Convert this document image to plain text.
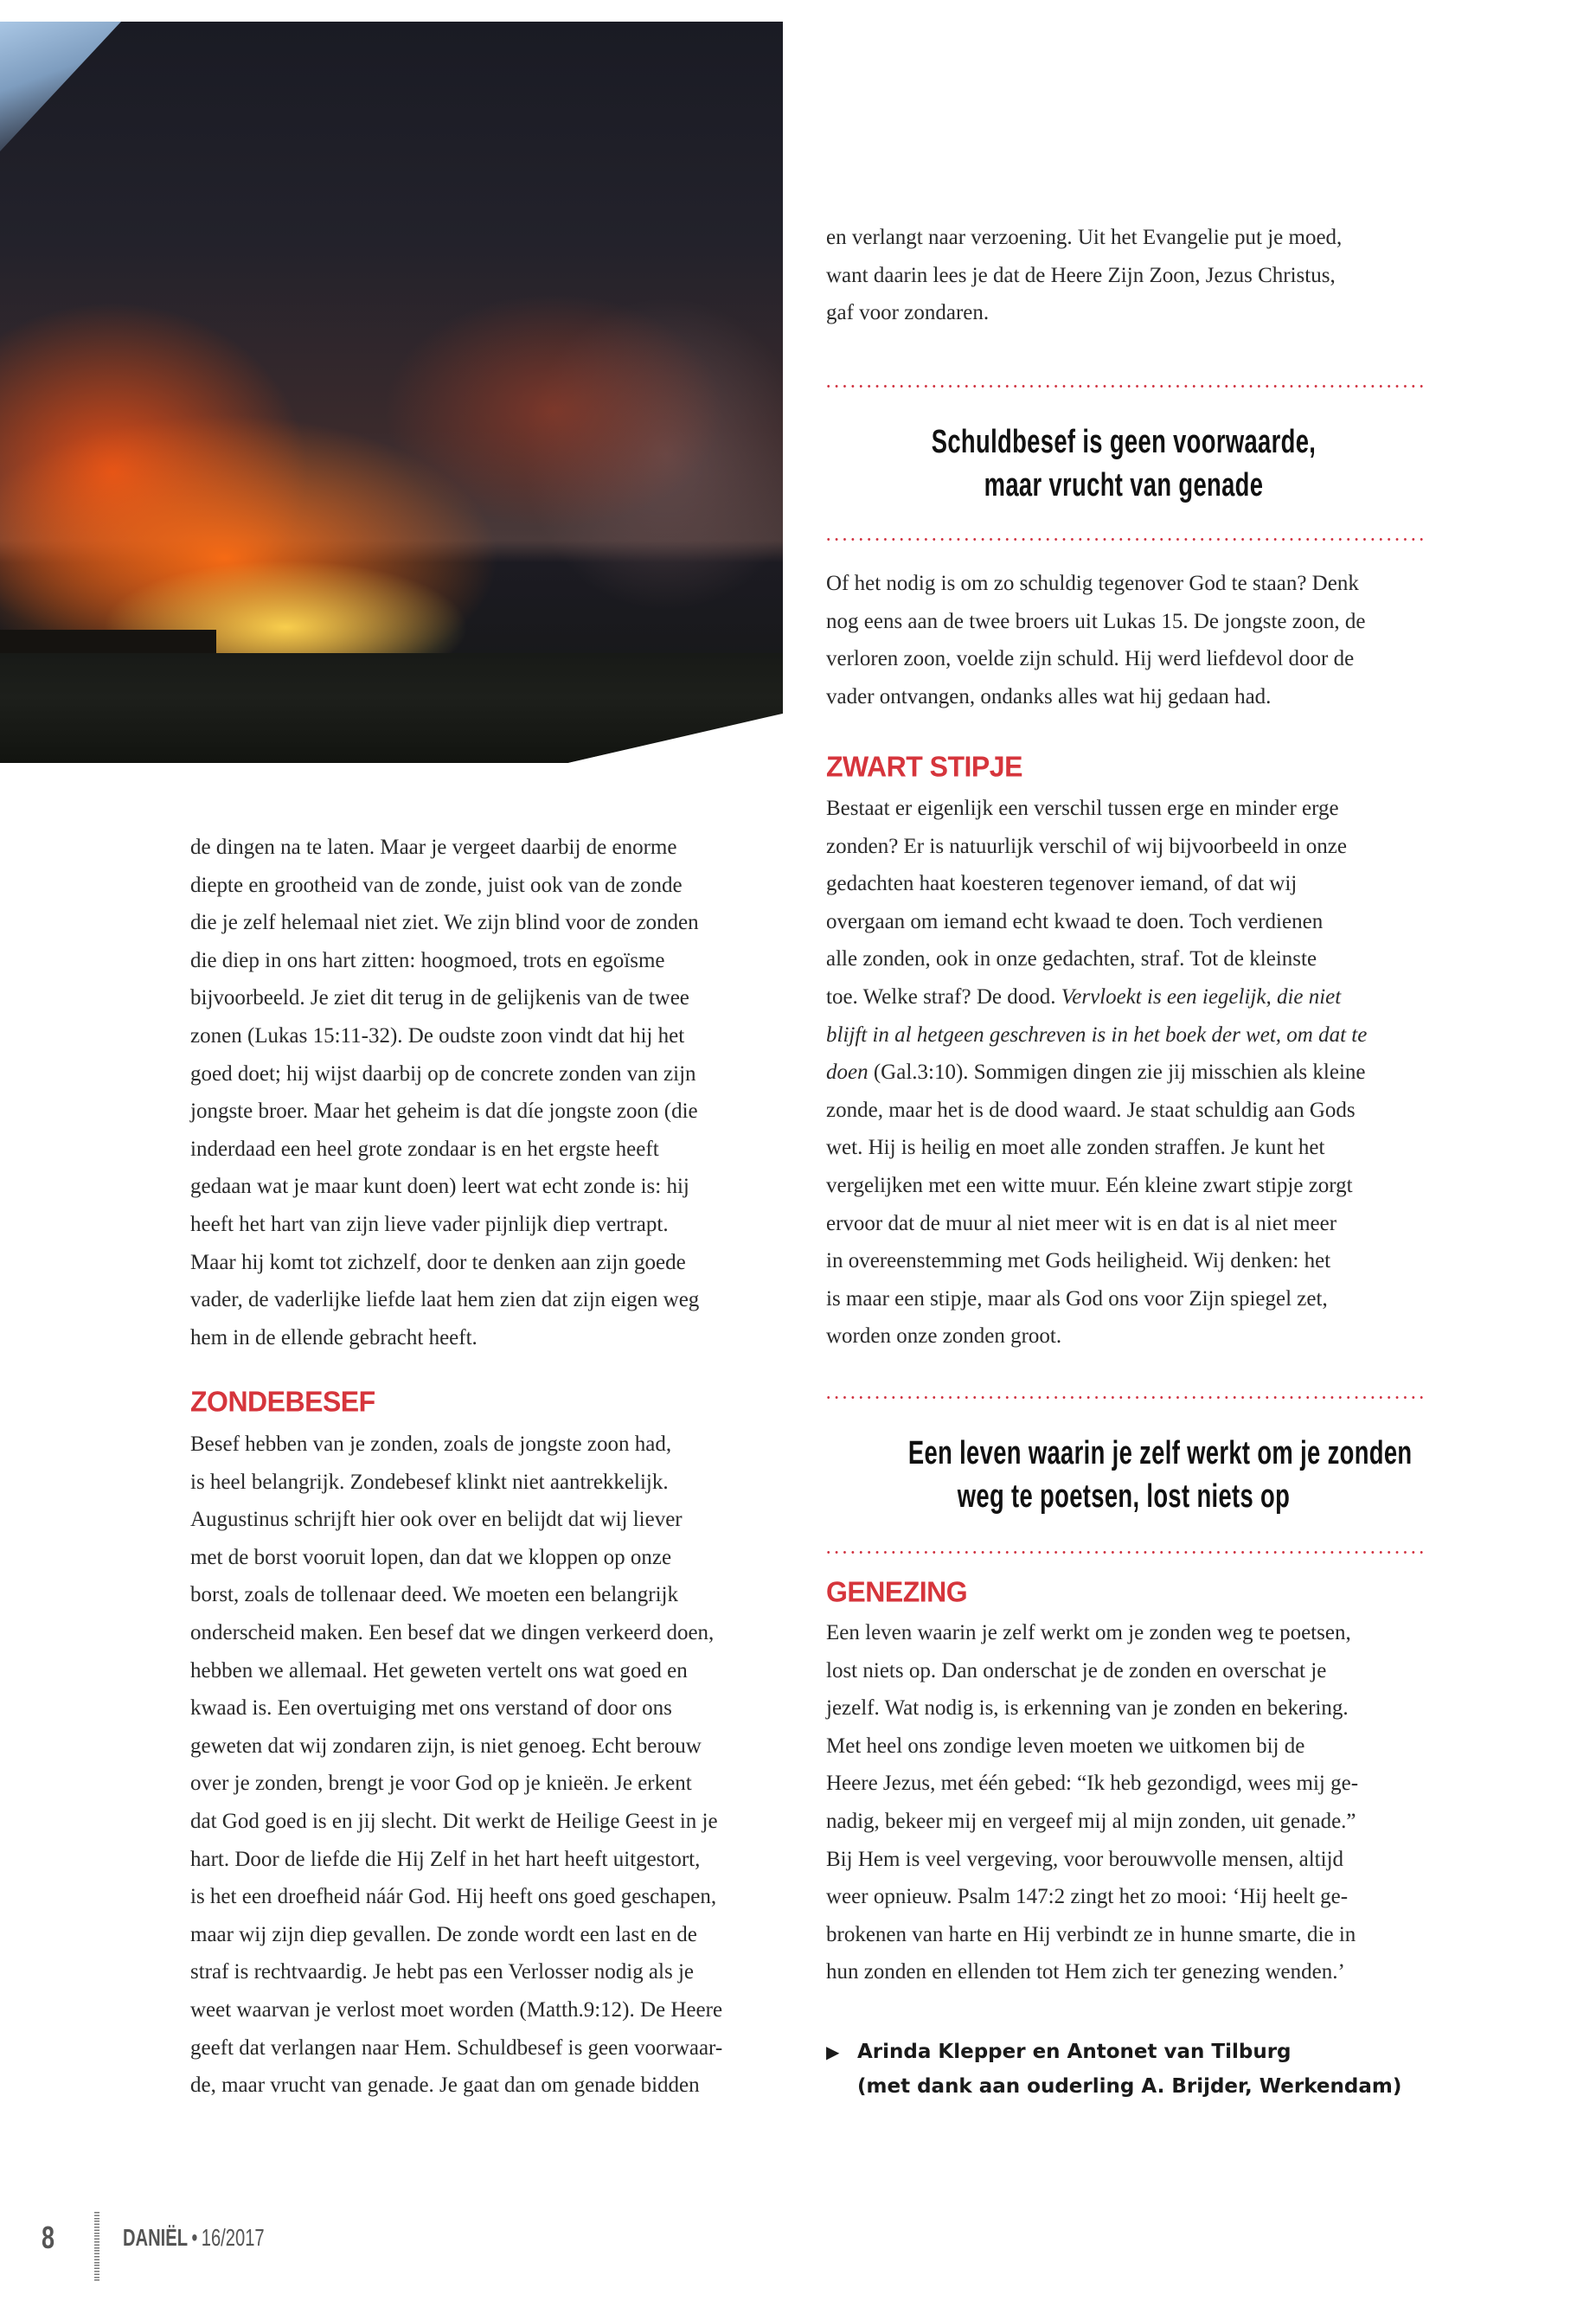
en verlangt naar verzoening. Uit het Evangelie put je moed,
want daarin lees je dat de Heere Zijn Zoon, Jezus Christus,
gaf voor zondaren.
Schuldbesef is geen voorwaarde,
maar vrucht van genade
Of het nodig is om zo schuldig tegenover God te staan? Denk
nog eens aan de twee broers uit Lukas 15. De jongste zoon, de
verloren zoon, voelde zijn schuld. Hij werd liefdevol door de
vader ontvangen, ondanks alles wat hij gedaan had.
ZWART STIPJE
Bestaat er eigenlijk een verschil tussen erge en minder erge
zonden? Er is natuurlijk verschil of wij bijvoorbeeld in onze
gedachten haat koesteren tegenover iemand, of dat wij
overgaan om iemand echt kwaad te doen. Toch verdienen
alle zonden, ook in onze gedachten, straf. Tot de kleinste
toe. Welke straf? De dood. Vervloekt is een iegelijk, die niet
blijft in al hetgeen geschreven is in het boek der wet, om dat te
doen (Gal.3:10). Sommigen dingen zie jij misschien als kleine
zonde, maar het is de dood waard. Je staat schuldig aan Gods
wet. Hij is heilig en moet alle zonden straffen. Je kunt het
vergelijken met een witte muur. Eén kleine zwart stipje zorgt
ervoor dat de muur al niet meer wit is en dat is al niet meer
in overeenstemming met Gods heiligheid. Wij denken: het
is maar een stipje, maar als God ons voor Zijn spiegel zet,
worden onze zonden groot.
Een leven waarin je zelf werkt om je zonden
weg te poetsen, lost niets op
GENEZING
Een leven waarin je zelf werkt om je zonden weg te poetsen,
lost niets op. Dan onderschat je de zonden en overschat je
jezelf. Wat nodig is, is erkenning van je zonden en bekering.
Met heel ons zondige leven moeten we uitkomen bij de
Heere Jezus, met één gebed: “Ik heb gezondigd, wees mij ge-
nadig, bekeer mij en vergeef mij al mijn zonden, uit genade.”
Bij Hem is veel vergeving, voor berouwvolle mensen, altijd
weer opnieuw. Psalm 147:2 zingt het zo mooi: ‘Hij heelt ge-
brokenen van harte en Hij verbindt ze in hunne smarte, die in
hun zonden en ellenden tot Hem zich ter genezing wenden.’
▶ Arinda Klepper en Antonet van Tilburg
(met dank aan ouderling A. Brijder, Werkendam)
de dingen na te laten. Maar je vergeet daarbij de enorme
diepte en grootheid van de zonde, juist ook van de zonde
die je zelf helemaal niet ziet. We zijn blind voor de zonden
die diep in ons hart zitten: hoogmoed, trots en egoïsme
bijvoorbeeld. Je ziet dit terug in de gelijkenis van de twee
zonen (Lukas 15:11-32). De oudste zoon vindt dat hij het
goed doet; hij wijst daarbij op de concrete zonden van zijn
jongste broer. Maar het geheim is dat díe jongste zoon (die
inderdaad een heel grote zondaar is en het ergste heeft
gedaan wat je maar kunt doen) leert wat echt zonde is: hij
heeft het hart van zijn lieve vader pijnlijk diep vertrapt.
Maar hij komt tot zichzelf, door te denken aan zijn goede
vader, de vaderlijke liefde laat hem zien dat zijn eigen weg
hem in de ellende gebracht heeft.
ZONDEBESEF
Besef hebben van je zonden, zoals de jongste zoon had,
is heel belangrijk. Zondebesef klinkt niet aantrekkelijk.
Augustinus schrijft hier ook over en belijdt dat wij liever
met de borst vooruit lopen, dan dat we kloppen op onze
borst, zoals de tollenaar deed. We moeten een belangrijk
onderscheid maken. Een besef dat we dingen verkeerd doen,
hebben we allemaal. Het geweten vertelt ons wat goed en
kwaad is. Een overtuiging met ons verstand of door ons
geweten dat wij zondaren zijn, is niet genoeg. Echt berouw
over je zonden, brengt je voor God op je knieën. Je erkent
dat God goed is en jij slecht. Dit werkt de Heilige Geest in je
hart. Door de liefde die Hij Zelf in het hart heeft uitgestort,
is het een droefheid náár God. Hij heeft ons goed geschapen,
maar wij zijn diep gevallen. De zonde wordt een last en de
straf is rechtvaardig. Je hebt pas een Verlosser nodig als je
weet waarvan je verlost moet worden (Matth.9:12). De Heere
geeft dat verlangen naar Hem. Schuldbesef is geen voorwaar-
de, maar vrucht van genade. Je gaat dan om genade bidden
8	DANIËL • 16/2017
